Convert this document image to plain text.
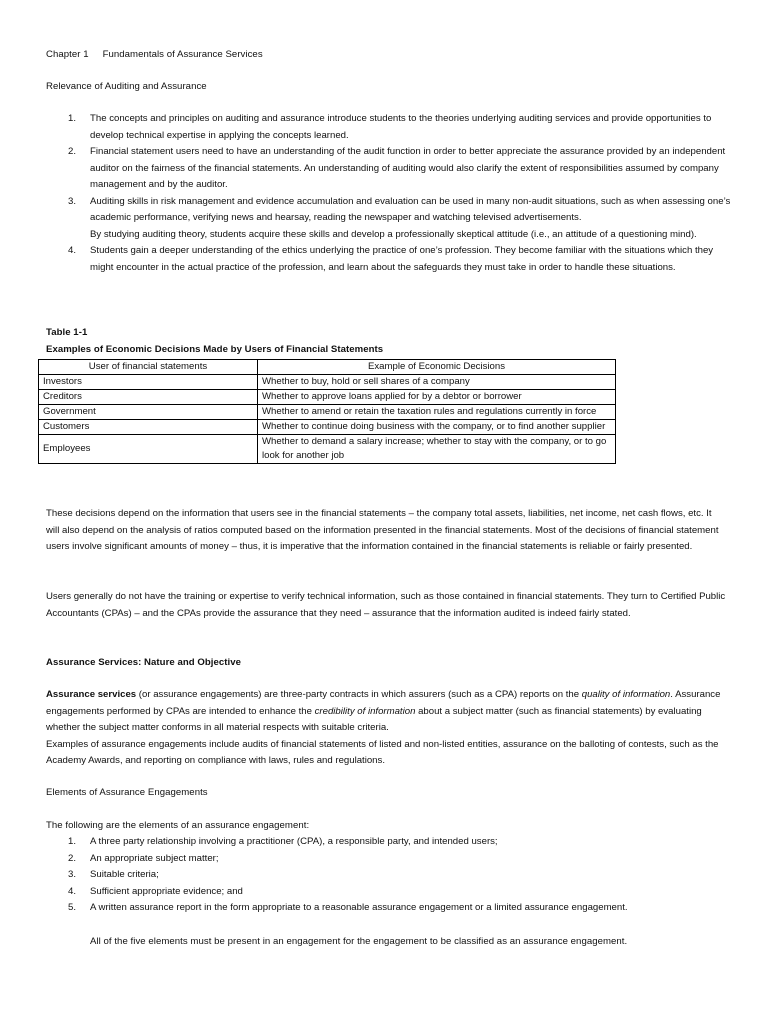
Chapter 1 Fundamentals of Assurance Services
Relevance of Auditing and Assurance
1. The concepts and principles on auditing and assurance introduce students to the theories underlying auditing services and provide opportunities to develop technical expertise in applying the concepts learned.
2. Financial statement users need to have an understanding of the audit function in order to better appreciate the assurance provided by an independent auditor on the fairness of the financial statements. An understanding of auditing would also clarify the extent of responsibilities assumed by company management and by the auditor.
3. Auditing skills in risk management and evidence accumulation and evaluation can be used in many non-audit situations, such as when assessing one’s academic performance, verifying news and hearsay, reading the newspaper and watching televised advertisements.
By studying auditing theory, students acquire these skills and develop a professionally skeptical attitude (i.e., an attitude of a questioning mind).
4. Students gain a deeper understanding of the ethics underlying the practice of one’s profession. They become familiar with the situations which they might encounter in the actual practice of the profession, and learn about the safeguards they must take in order to handle these situations.
Table 1-1
Examples of Economic Decisions Made by Users of Financial Statements
User of financial statements	Example of Economic Decisions
Investors	Whether to buy, hold or sell shares of a company
Creditors	Whether to approve loans applied for by a debtor or borrower
Government	Whether to amend or retain the taxation rules and regulations currently in force
Customers	Whether to continue doing business with the company, or to find another supplier
Employees	Whether to demand a salary increase; whether to stay with the company, or to go look for another job
These decisions depend on the information that users see in the financial statements – the company total assets, liabilities, net income, net cash flows, etc. It will also depend on the analysis of ratios computed based on the information presented in the financial statements. Most of the decisions of financial statement users involve significant amounts of money – thus, it is imperative that the information contained in the financial statements is reliable or fairly presented.
Users generally do not have the training or expertise to verify technical information, such as those contained in financial statements. They turn to Certified Public Accountants (CPAs) – and the CPAs provide the assurance that they need – assurance that the information audited is indeed fairly stated.
Assurance Services: Nature and Objective
Assurance services (or assurance engagements) are three-party contracts in which assurers (such as a CPA) reports on the quality of information. Assurance engagements performed by CPAs are intended to enhance the credibility of information about a subject matter (such as financial statements) by evaluating whether the subject matter conforms in all material respects with suitable criteria.
Examples of assurance engagements include audits of financial statements of listed and non-listed entities, assurance on the balloting of contests, such as the Academy Awards, and reporting on compliance with laws, rules and regulations.
Elements of Assurance Engagements
The following are the elements of an assurance engagement:
1. A three party relationship involving a practitioner (CPA), a responsible party, and intended users;
2. An appropriate subject matter;
3. Suitable criteria;
4. Sufficient appropriate evidence; and
5. A written assurance report in the form appropriate to a reasonable assurance engagement or a limited assurance engagement.
All of the five elements must be present in an engagement for the engagement to be classified as an assurance engagement.
